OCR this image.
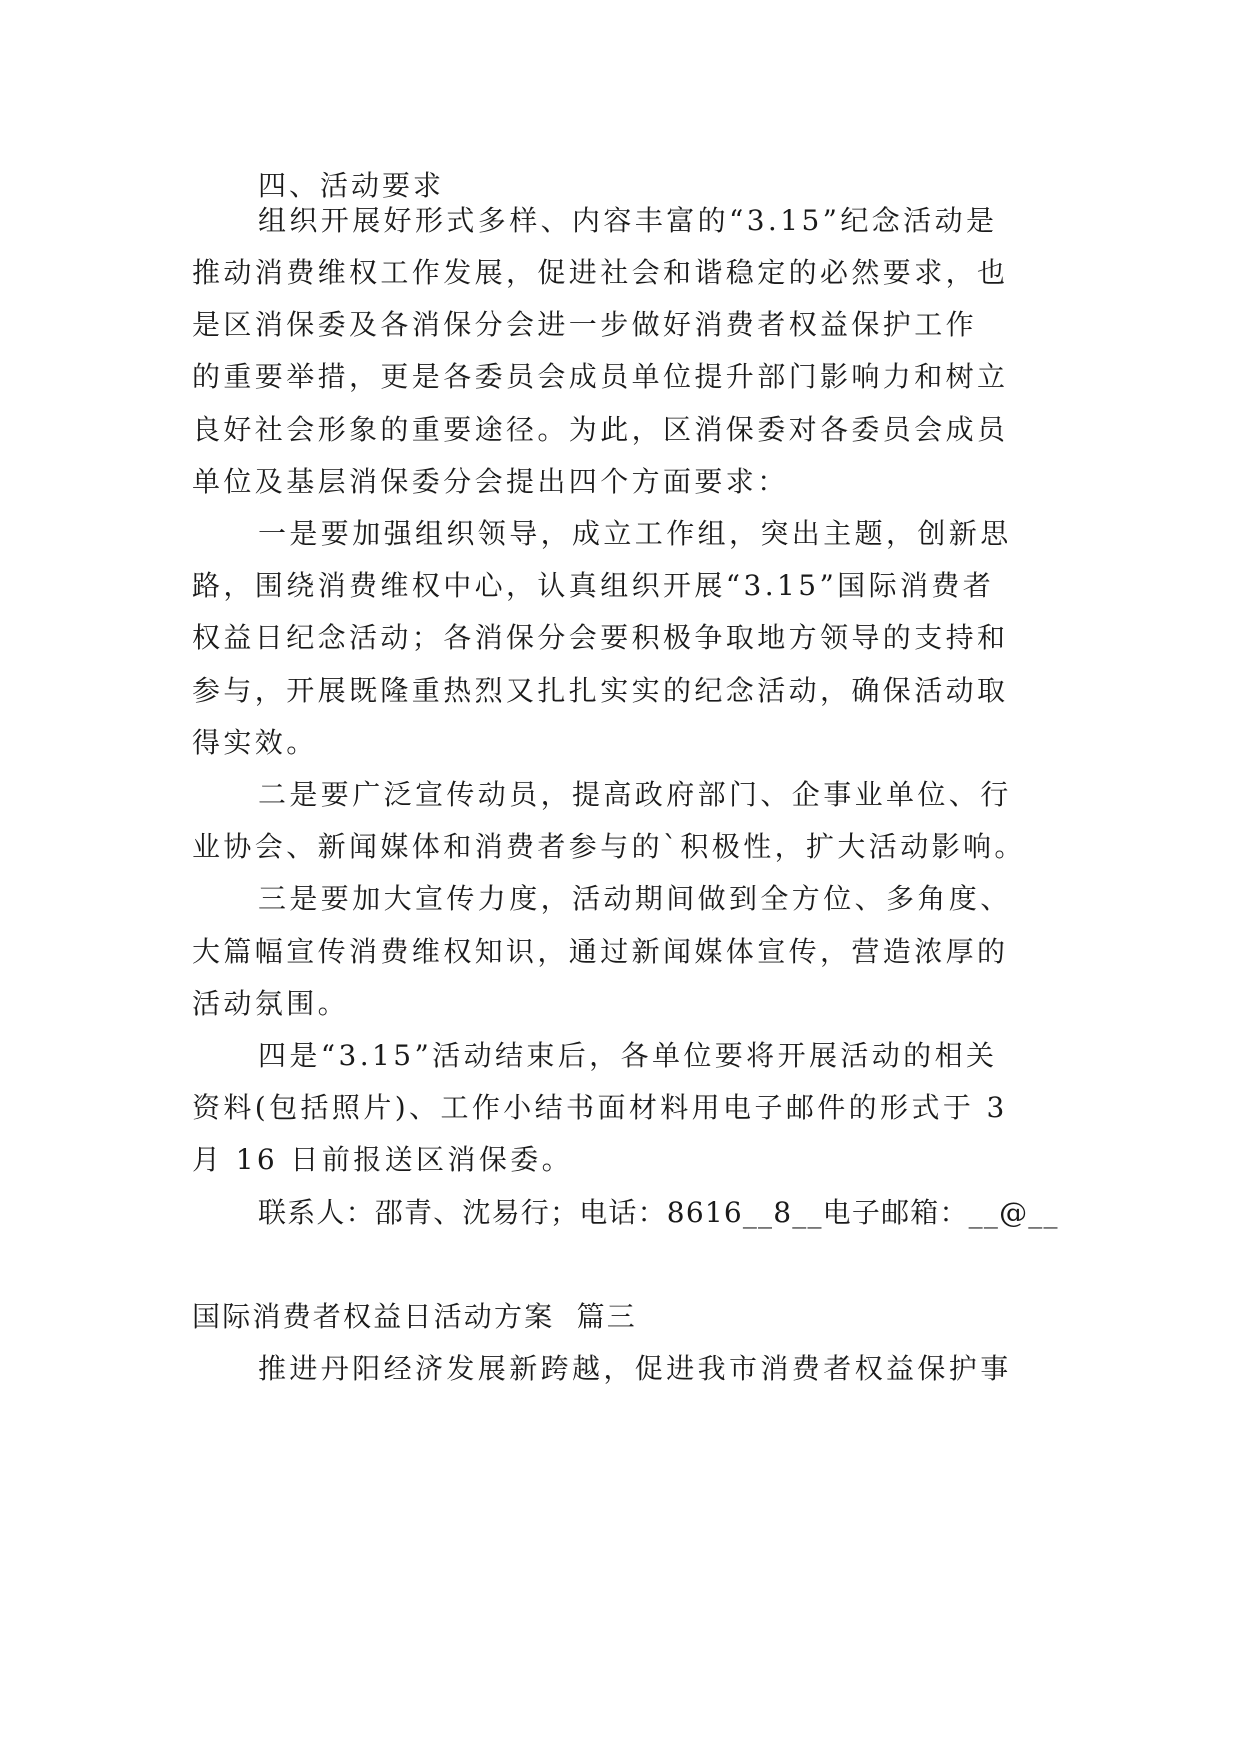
四、活动要求
组织开展好形式多样、内容丰富的“3.15”纪念活动是
推动消费维权工作发展，促进社会和谐稳定的必然要求，也
是区消保委及各消保分会进一步做好消费者权益保护工作
的重要举措，更是各委员会成员单位提升部门影响力和树立
良好社会形象的重要途径。为此，区消保委对各委员会成员
单位及基层消保委分会提出四个方面要求：
一是要加强组织领导，成立工作组，突出主题，创新思
路，围绕消费维权中心，认真组织开展“3.15”国际消费者
权益日纪念活动；各消保分会要积极争取地方领导的支持和
参与，开展既隆重热烈又扎扎实实的纪念活动，确保活动取
得实效。
二是要广泛宣传动员，提高政府部门、企事业单位、行
业协会、新闻媒体和消费者参与的`积极性，扩大活动影响。
三是要加大宣传力度，活动期间做到全方位、多角度、
大篇幅宣传消费维权知识，通过新闻媒体宣传，营造浓厚的
活动氛围。
四是“3.15”活动结束后，各单位要将开展活动的相关
资料(包括照片)、工作小结书面材料用电子邮件的形式于 3
月 16 日前报送区消保委。
联系人：邵青、沈易行；电话：8616__8__电子邮箱：__@__
国际消费者权益日活动方案  篇三
推进丹阳经济发展新跨越，促进我市消费者权益保护事
